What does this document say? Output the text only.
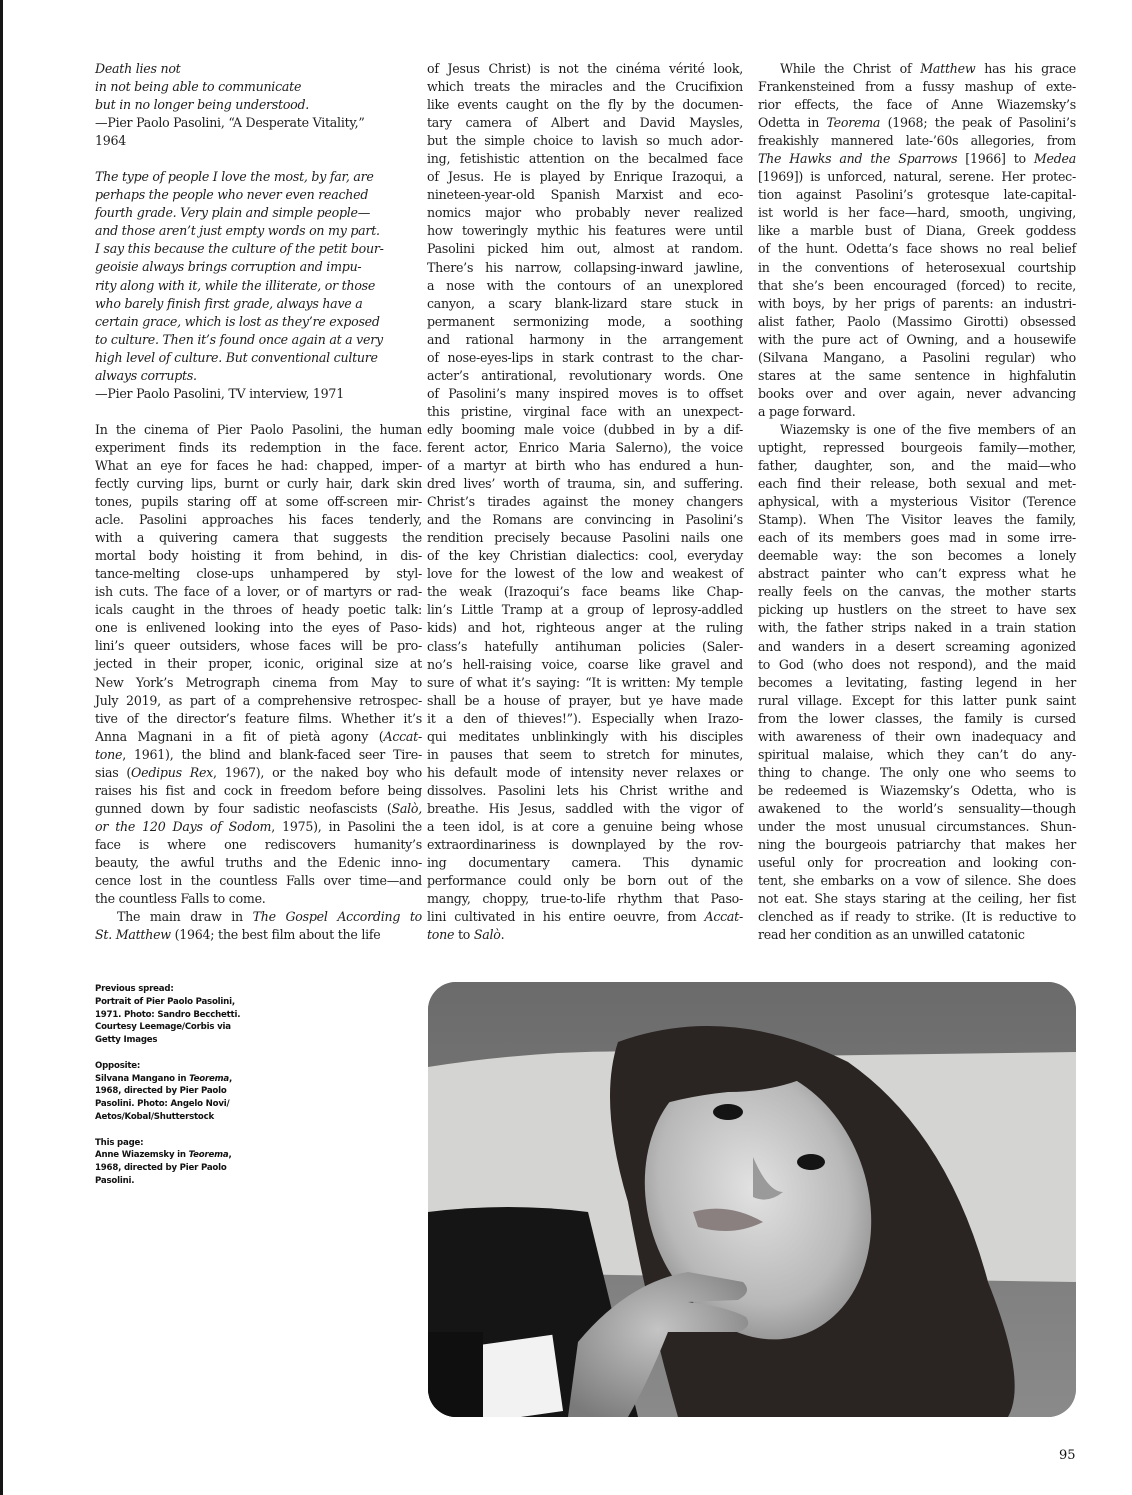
Death lies not
in not being able to communicate
but in no longer being understood.
—Pier Paolo Pasolini, “A Desperate Vitality,”
1964
The type of people I love the most, by far, are
perhaps the people who never even reached
fourth grade. Very plain and simple people—
and those aren’t just empty words on my part.
I say this because the culture of the petit bour-
geoisie always brings corruption and impu-
rity along with it, while the illiterate, or those
who barely finish first grade, always have a
certain grace, which is lost as they’re exposed
to culture. Then it’s found once again at a very
high level of culture. But conventional culture
always corrupts.
—Pier Paolo Pasolini, TV interview, 1971
In the cinema of Pier Paolo Pasolini, the human
experiment finds its redemption in the face.
What an eye for faces he had: chapped, imper-
fectly curving lips, burnt or curly hair, dark skin
tones, pupils staring off at some off-screen mir-
acle. Pasolini approaches his faces tenderly,
with a quivering camera that suggests the
mortal body hoisting it from behind, in dis-
tance-melting close-ups unhampered by styl-
ish cuts. The face of a lover, or of martyrs or rad-
icals caught in the throes of heady poetic talk:
one is enlivened looking into the eyes of Paso-
lini’s queer outsiders, whose faces will be pro-
jected in their proper, iconic, original size at
New York’s Metrograph cinema from May to
July 2019, as part of a comprehensive retrospec-
tive of the director’s feature films. Whether it’s
Anna Magnani in a fit of pietà agony (Accat-
tone, 1961), the blind and blank-faced seer Tire-
sias (Oedipus Rex, 1967), or the naked boy who
raises his fist and cock in freedom before being
gunned down by four sadistic neofascists (Salò,
or the 120 Days of Sodom, 1975), in Pasolini the
face is where one rediscovers humanity’s
beauty, the awful truths and the Edenic inno-
cence lost in the countless Falls over time—and
the countless Falls to come.
The main draw in The Gospel According to
St. Matthew (1964; the best film about the life
of Jesus Christ) is not the cinéma vérité look,
which treats the miracles and the Crucifixion
like events caught on the fly by the documen-
tary camera of Albert and David Maysles,
but the simple choice to lavish so much ador-
ing, fetishistic attention on the becalmed face
of Jesus. He is played by Enrique Irazoqui, a
nineteen-year-old Spanish Marxist and eco-
nomics major who probably never realized
how toweringly mythic his features were until
Pasolini picked him out, almost at random.
There’s his narrow, collapsing-inward jawline,
a nose with the contours of an unexplored
canyon, a scary blank-lizard stare stuck in
permanent sermonizing mode, a soothing
and rational harmony in the arrangement
of nose-eyes-lips in stark contrast to the char-
acter’s antirational, revolutionary words. One
of Pasolini’s many inspired moves is to offset
this pristine, virginal face with an unexpect-
edly booming male voice (dubbed in by a dif-
ferent actor, Enrico Maria Salerno), the voice
of a martyr at birth who has endured a hun-
dred lives’ worth of trauma, sin, and suffering.
Christ’s tirades against the money changers
and the Romans are convincing in Pasolini’s
rendition precisely because Pasolini nails one
of the key Christian dialectics: cool, everyday
love for the lowest of the low and weakest of
the weak (Irazoqui’s face beams like Chap-
lin’s Little Tramp at a group of leprosy-addled
kids) and hot, righteous anger at the ruling
class’s hatefully antihuman policies (Saler-
no’s hell-raising voice, coarse like gravel and
sure of what it’s saying: “It is written: My temple
shall be a house of prayer, but ye have made
it a den of thieves!”). Especially when Irazo-
qui meditates unblinkingly with his disciples
in pauses that seem to stretch for minutes,
his default mode of intensity never relaxes or
dissolves. Pasolini lets his Christ writhe and
breathe. His Jesus, saddled with the vigor of
a teen idol, is at core a genuine being whose
extraordinariness is downplayed by the rov-
ing documentary camera. This dynamic
performance could only be born out of the
mangy, choppy, true-to-life rhythm that Paso-
lini cultivated in his entire oeuvre, from Accat-
tone to Salò.
While the Christ of Matthew has his grace
Frankensteined from a fussy mashup of exte-
rior effects, the face of Anne Wiazemsky’s
Odetta in Teorema (1968; the peak of Pasolini’s
freakishly mannered late-’60s allegories, from
The Hawks and the Sparrows [1966] to Medea
[1969]) is unforced, natural, serene. Her protec-
tion against Pasolini’s grotesque late-capital-
ist world is her face—hard, smooth, ungiving,
like a marble bust of Diana, Greek goddess
of the hunt. Odetta’s face shows no real belief
in the conventions of heterosexual courtship
that she’s been encouraged (forced) to recite,
with boys, by her prigs of parents: an industri-
alist father, Paolo (Massimo Girotti) obsessed
with the pure act of Owning, and a housewife
(Silvana Mangano, a Pasolini regular) who
stares at the same sentence in highfalutin
books over and over again, never advancing
a page forward.
Wiazemsky is one of the five members of an
uptight, repressed bourgeois family—mother,
father, daughter, son, and the maid—who
each find their release, both sexual and met-
aphysical, with a mysterious Visitor (Terence
Stamp). When The Visitor leaves the family,
each of its members goes mad in some irre-
deemable way: the son becomes a lonely
abstract painter who can’t express what he
really feels on the canvas, the mother starts
picking up hustlers on the street to have sex
with, the father strips naked in a train station
and wanders in a desert screaming agonized
to God (who does not respond), and the maid
becomes a levitating, fasting legend in her
rural village. Except for this latter punk saint
from the lower classes, the family is cursed
with awareness of their own inadequacy and
spiritual malaise, which they can’t do any-
thing to change. The only one who seems to
be redeemed is Wiazemsky’s Odetta, who is
awakened to the world’s sensuality—though
under the most unusual circumstances. Shun-
ning the bourgeois patriarchy that makes her
useful only for procreation and looking con-
tent, she embarks on a vow of silence. She does
not eat. She stays staring at the ceiling, her fist
clenched as if ready to strike. (It is reductive to
read her condition as an unwilled catatonic
Previous spread:
Portrait of Pier Paolo Pasolini,
1971. Photo: Sandro Becchetti.
Courtesy Leemage/Corbis via
Getty Images
Opposite:
Silvana Mangano in Teorema,
1968, directed by Pier Paolo
Pasolini. Photo: Angelo Novi/
Aetos/Kobal/Shutterstock
This page:
Anne Wiazemsky in Teorema,
1968, directed by Pier Paolo
Pasolini.
95
